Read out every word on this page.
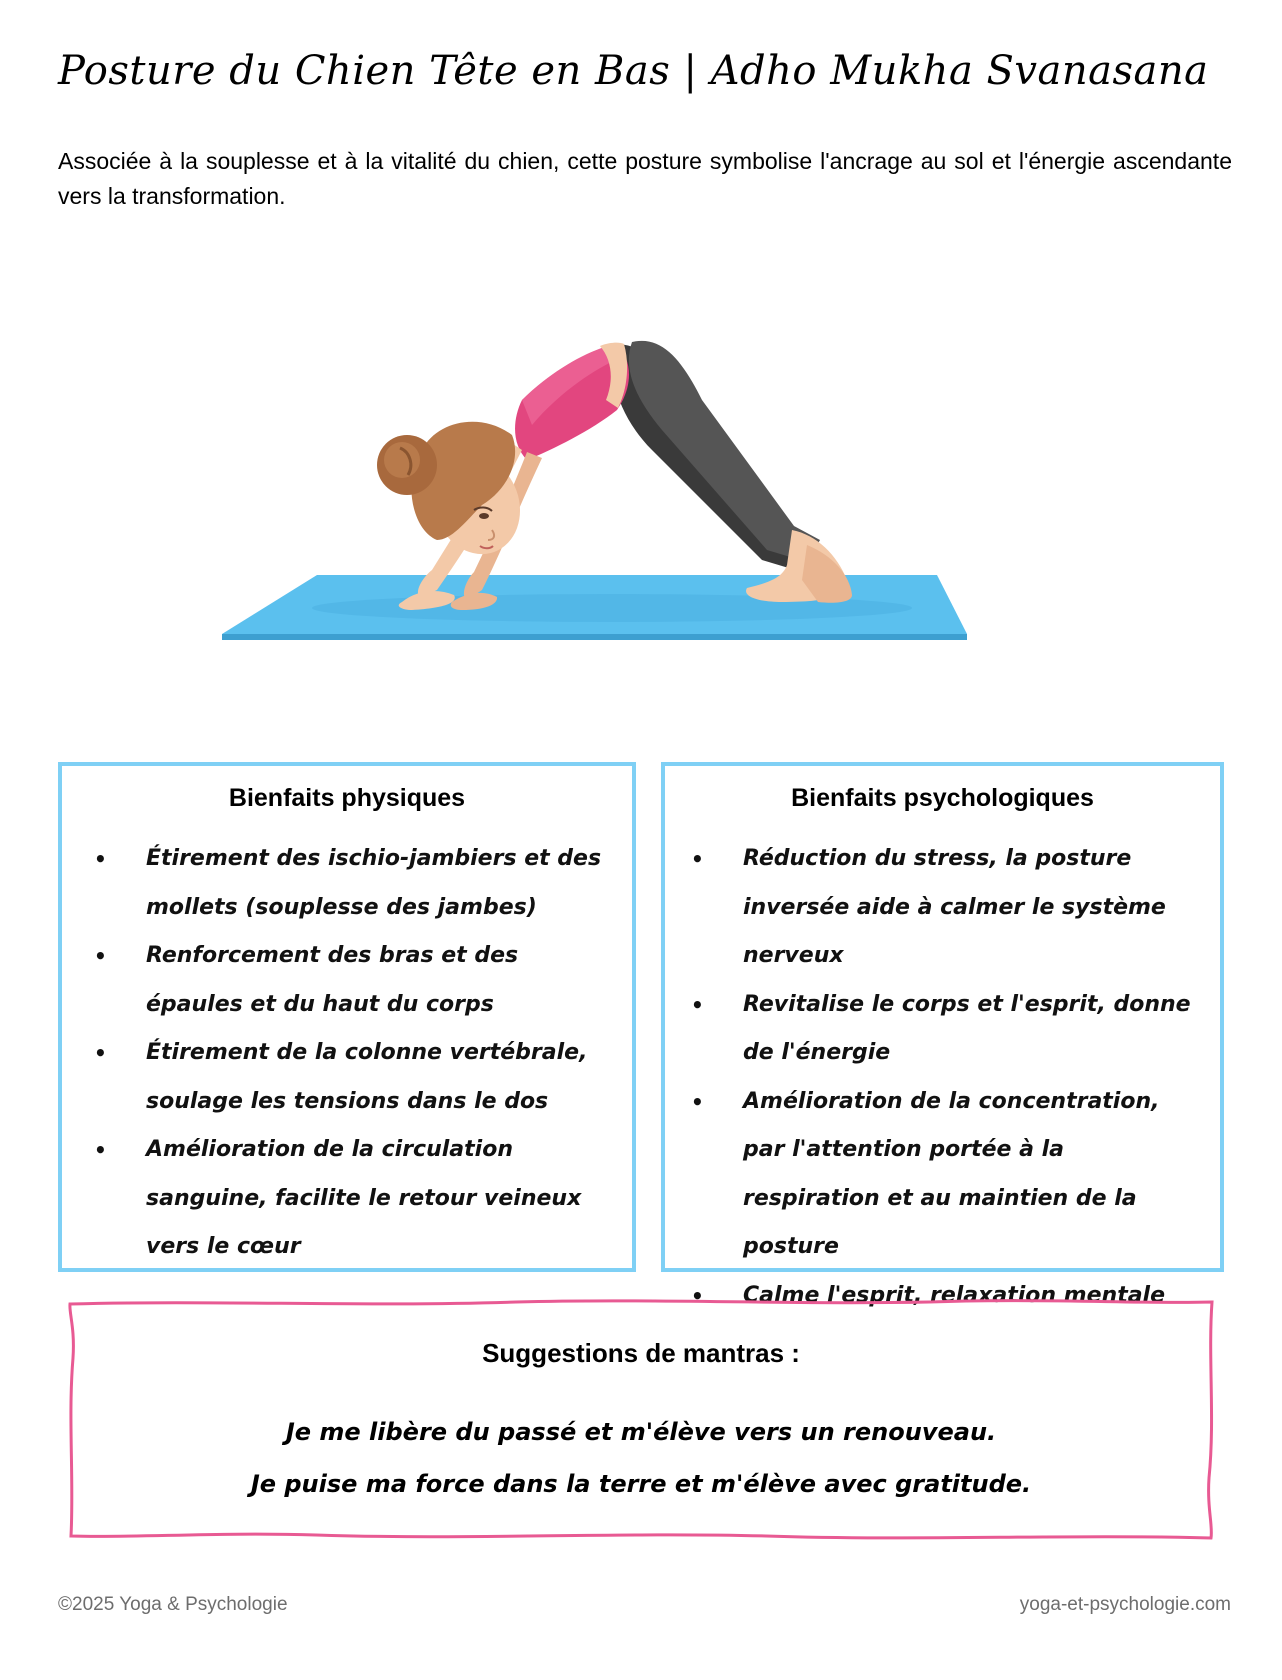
Posture du Chien Tête en Bas | Adho Mukha Svanasana

Associée à la souplesse et à la vitalité du chien, cette posture symbolise l'ancrage au sol et l'énergie ascendante vers la transformation.

Bienfaits physiques
• Étirement des ischio-jambiers et des mollets (souplesse des jambes)
• Renforcement des bras et des épaules et du haut du corps
• Étirement de la colonne vertébrale, soulage les tensions dans le dos
• Amélioration de la circulation sanguine, facilite le retour veineux vers le cœur
Bienfaits psychologiques
• Réduction du stress, la posture inversée aide à calmer le système nerveux
• Revitalise le corps et l'esprit, donne de l'énergie
• Amélioration de la concentration, par l'attention portée à la respiration et au maintien de la posture
• Calme l'esprit, relaxation mentale

Suggestions de mantras :

Je me libère du passé et m'élève vers un renouveau.
Je puise ma force dans la terre et m'élève avec gratitude.
©2025 Yoga & Psychologie	yoga-et-psychologie.com
